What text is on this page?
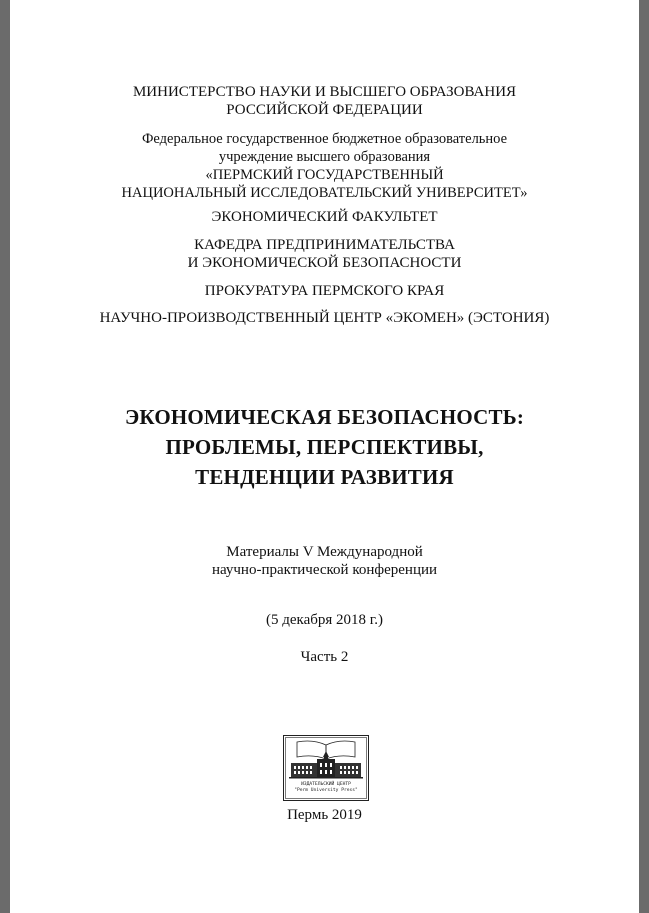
МИНИСТЕРСТВО НАУКИ И ВЫСШЕГО ОБРАЗОВАНИЯ
РОССИЙСКОЙ ФЕДЕРАЦИИ
Федеральное государственное бюджетное образовательное
учреждение высшего образования
«ПЕРМСКИЙ ГОСУДАРСТВЕННЫЙ
НАЦИОНАЛЬНЫЙ ИССЛЕДОВАТЕЛЬСКИЙ УНИВЕРСИТЕТ»
ЭКОНОМИЧЕСКИЙ ФАКУЛЬТЕТ
КАФЕДРА ПРЕДПРИНИМАТЕЛЬСТВА
И ЭКОНОМИЧЕСКОЙ БЕЗОПАСНОСТИ
ПРОКУРАТУРА ПЕРМСКОГО КРАЯ
НАУЧНО-ПРОИЗВОДСТВЕННЫЙ ЦЕНТР «ЭКОМЕН» (ЭСТОНИЯ)
ЭКОНОМИЧЕСКАЯ БЕЗОПАСНОСТЬ:
ПРОБЛЕМЫ, ПЕРСПЕКТИВЫ,
ТЕНДЕНЦИИ РАЗВИТИЯ
Материалы V Международной
научно-практической конференции
(5 декабря 2018 г.)
Часть 2
ИЗДАТЕЛЬСКИЙ ЦЕНТР
"Perm University Press"
Пермь 2019
